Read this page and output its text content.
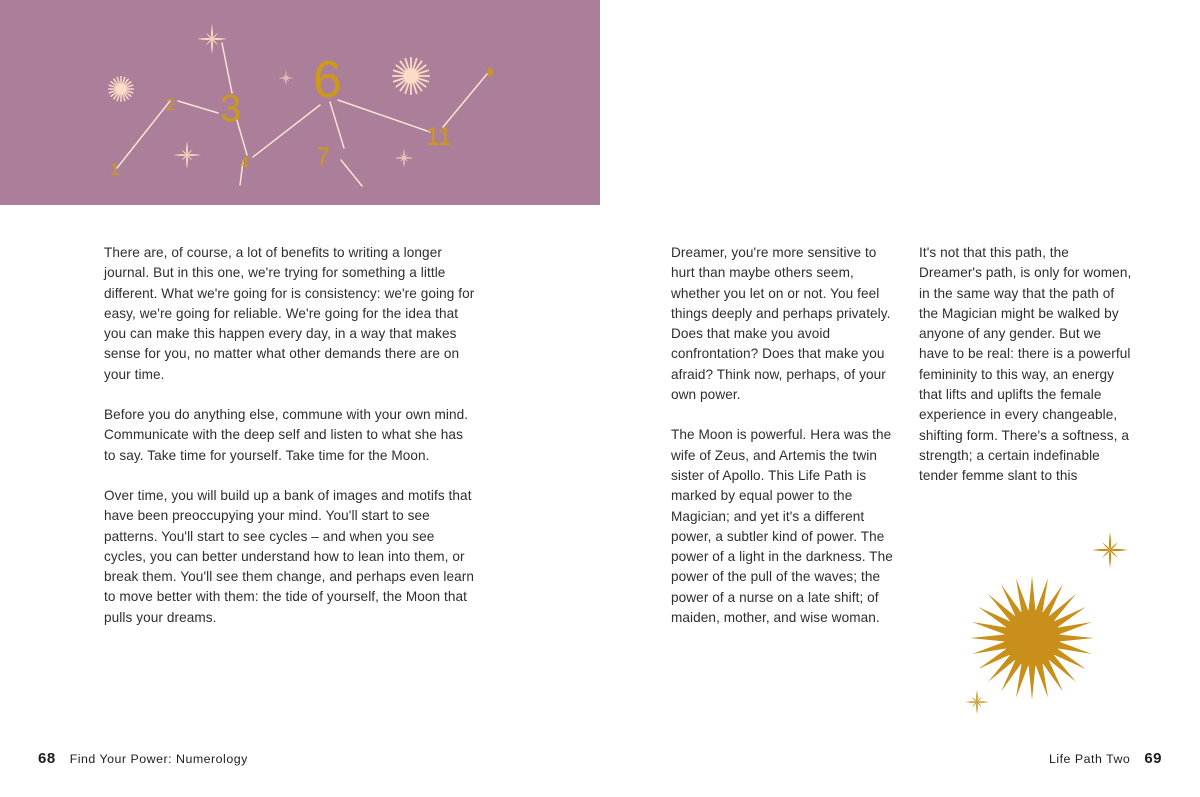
1
2 3
4
6
7
11

There are, of course, a lot of benefits to writing a longer journal. But in this one, we're trying for something a little different. What we're going for is consistency: we're going for easy, we're going for reliable. We're going for the idea that you can make this happen every day, in a way that makes sense for you, no matter what other demands there are on your time.

Before you do anything else, commune with your own mind. Communicate with the deep self and listen to what she has to say. Take time for yourself. Take time for the Moon.

Over time, you will build up a bank of images and motifs that have been preoccupying your mind. You'll start to see patterns. You'll start to see cycles – and when you see cycles, you can better understand how to lean into them, or break them. You'll see them change, and perhaps even learn to move better with them: the tide of yourself, the Moon that pulls your dreams.

Dreamer, you're more sensitive to hurt than maybe others seem, whether you let on or not. You feel things deeply and perhaps privately. Does that make you avoid confrontation? Does that make you afraid? Think now, perhaps, of your own power.

The Moon is powerful. Hera was the wife of Zeus, and Artemis the twin sister of Apollo. This Life Path is marked by equal power to the Magician; and yet it's a different power, a subtler kind of power. The power of a light in the darkness. The power of the pull of the waves; the power of a nurse on a late shift; of maiden, mother, and wise woman.

It's not that this path, the Dreamer's path, is only for women, in the same way that the path of the Magician might be walked by anyone of any gender. But we have to be real: there is a powerful femininity to this way, an energy that lifts and uplifts the female experience in every changeable, shifting form. There's a softness, a strength; a certain indefinable tender femme slant to this

68 Find Your Power: Numerology	Life Path Two 69
